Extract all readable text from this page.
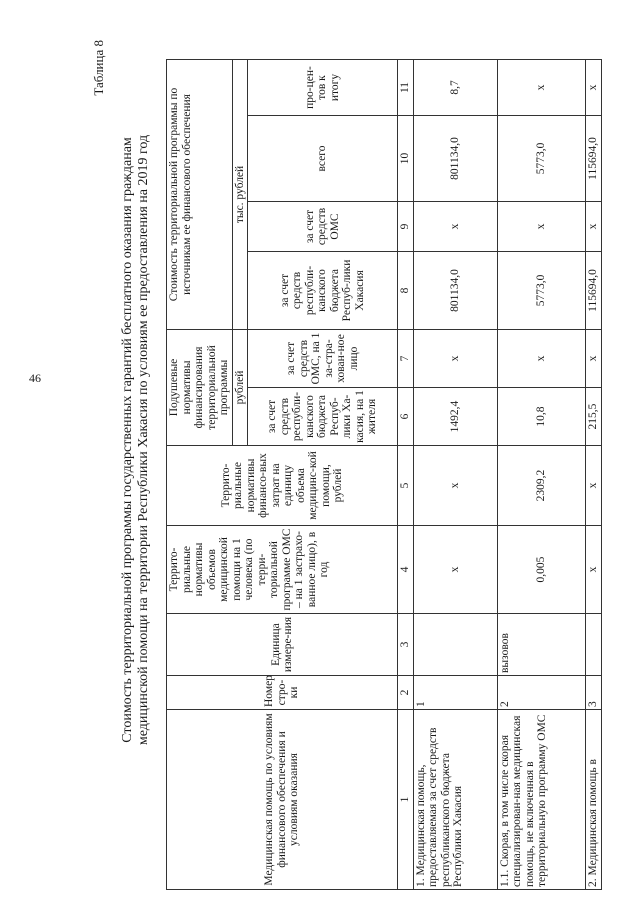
46	Стоимость территориальной программы государственных гарантий бесплатного оказания гражданам медицинской помощи на территории Республики Хакасия по условиям ее предоставления на 2019 год
Таблица 8
Медицинская помощь по условиям финансового обеспечения и условиям оказания	Номер стро-ки	Единица измере-ния	Террито-риальные нормативы объемов медицинской помощи на 1 человека (по терри-ториальной программе ОМС – на 1 застрахо-ванное лицо), в год	Террито-риальные нормативы финансо-вых затрат на единицу объема медицинс-кой помощи, рублей	Подушевые нормативы финансирования территориальной программы		Стоимость территориальной программы по источникам ее финансового обеспечения			
					рублей		тыс. рублей			
					за счет средств республи-канского бюджета Респуб-лики Ха-касия, на 1 жителя	за счет средств ОМС, на 1 за-стра-хован-ное лицо	за счет средств республи-канского бюджета Респуб-лики Хакасия	за счет средств ОМС	всего	про-цен-тов к итогу
1	2	3	4	5	6	7	8	9	10	11
1. Медицинская помощь, предоставляемая за счет средств республиканского бюджета Республики Хакасия	1		х	х	1492,4	х	801134,0	х	801134,0	8,7
1.1. Скорая, в том числе скорая специализирован-ная медицинская помощь, не включенная в территориальную программу ОМС	2	вызовов	0,005	2309,2	10,8	х	5773,0	х	5773,0	х
2. Медицинская помощь в	3		х	х	215,5	х	115694,0	х	115694,0	х
